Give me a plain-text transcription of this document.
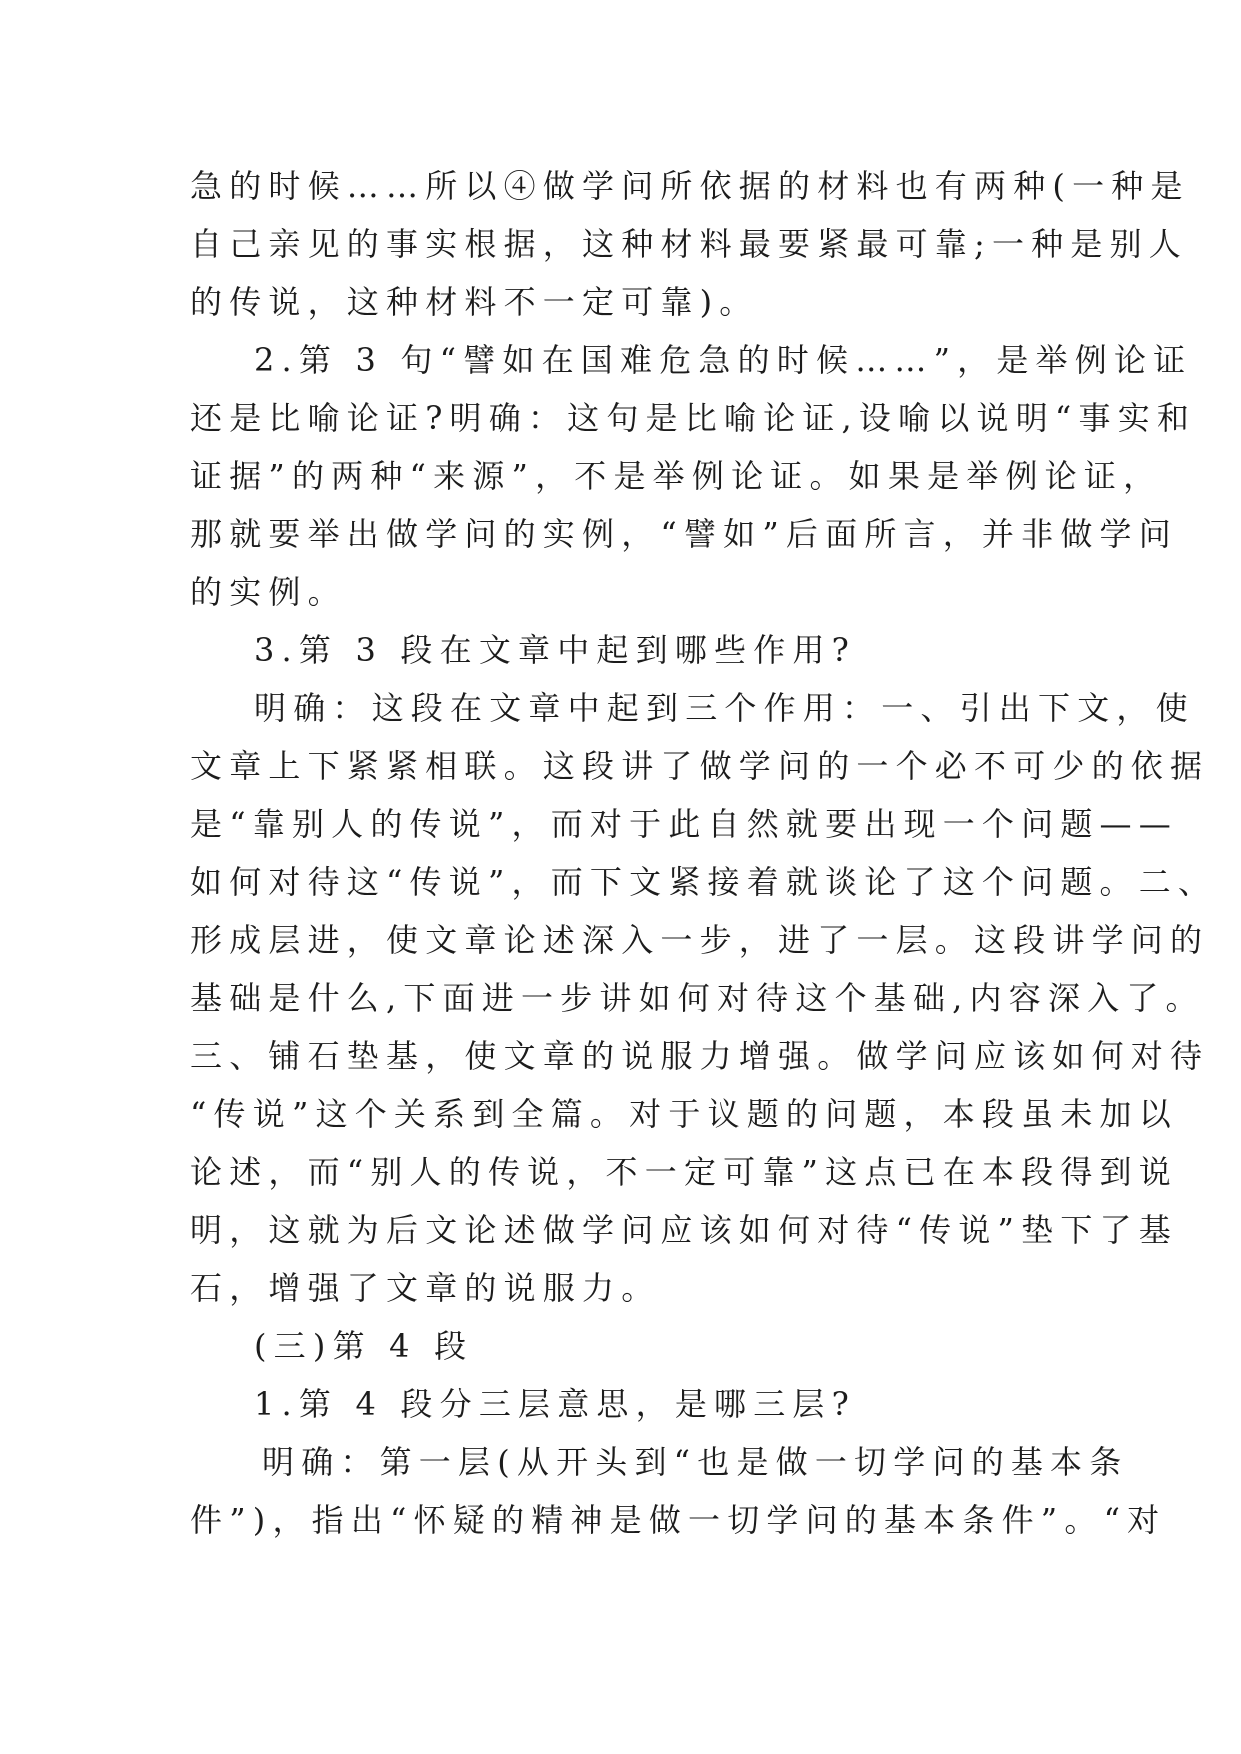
急的时候……所以④做学问所依据的材料也有两种(一种是
自己亲见的事实根据，这种材料最要紧最可靠;一种是别人
的传说，这种材料不一定可靠)。
2.第 3 句“譬如在国难危急的时候……”，是举例论证
还是比喻论证?明确：这句是比喻论证,设喻以说明“事实和
证据”的两种“来源”，不是举例论证。如果是举例论证，
那就要举出做学问的实例，“譬如”后面所言，并非做学问
的实例。
3.第 3 段在文章中起到哪些作用?
明确：这段在文章中起到三个作用：一、引出下文，使
文章上下紧紧相联。这段讲了做学问的一个必不可少的依据
是“靠别人的传说”，而对于此自然就要出现一个问题——
如何对待这“传说”，而下文紧接着就谈论了这个问题。二、
形成层进，使文章论述深入一步，进了一层。这段讲学问的
基础是什么,下面进一步讲如何对待这个基础,内容深入了。
三、铺石垫基，使文章的说服力增强。做学问应该如何对待
“传说”这个关系到全篇。对于议题的问题，本段虽未加以
论述，而“别人的传说，不一定可靠”这点已在本段得到说
明，这就为后文论述做学问应该如何对待“传说”垫下了基
石，增强了文章的说服力。
(三)第 4 段
1.第 4 段分三层意思，是哪三层?
明确：第一层(从开头到“也是做一切学问的基本条
件”)，指出“怀疑的精神是做一切学问的基本条件”。“对
